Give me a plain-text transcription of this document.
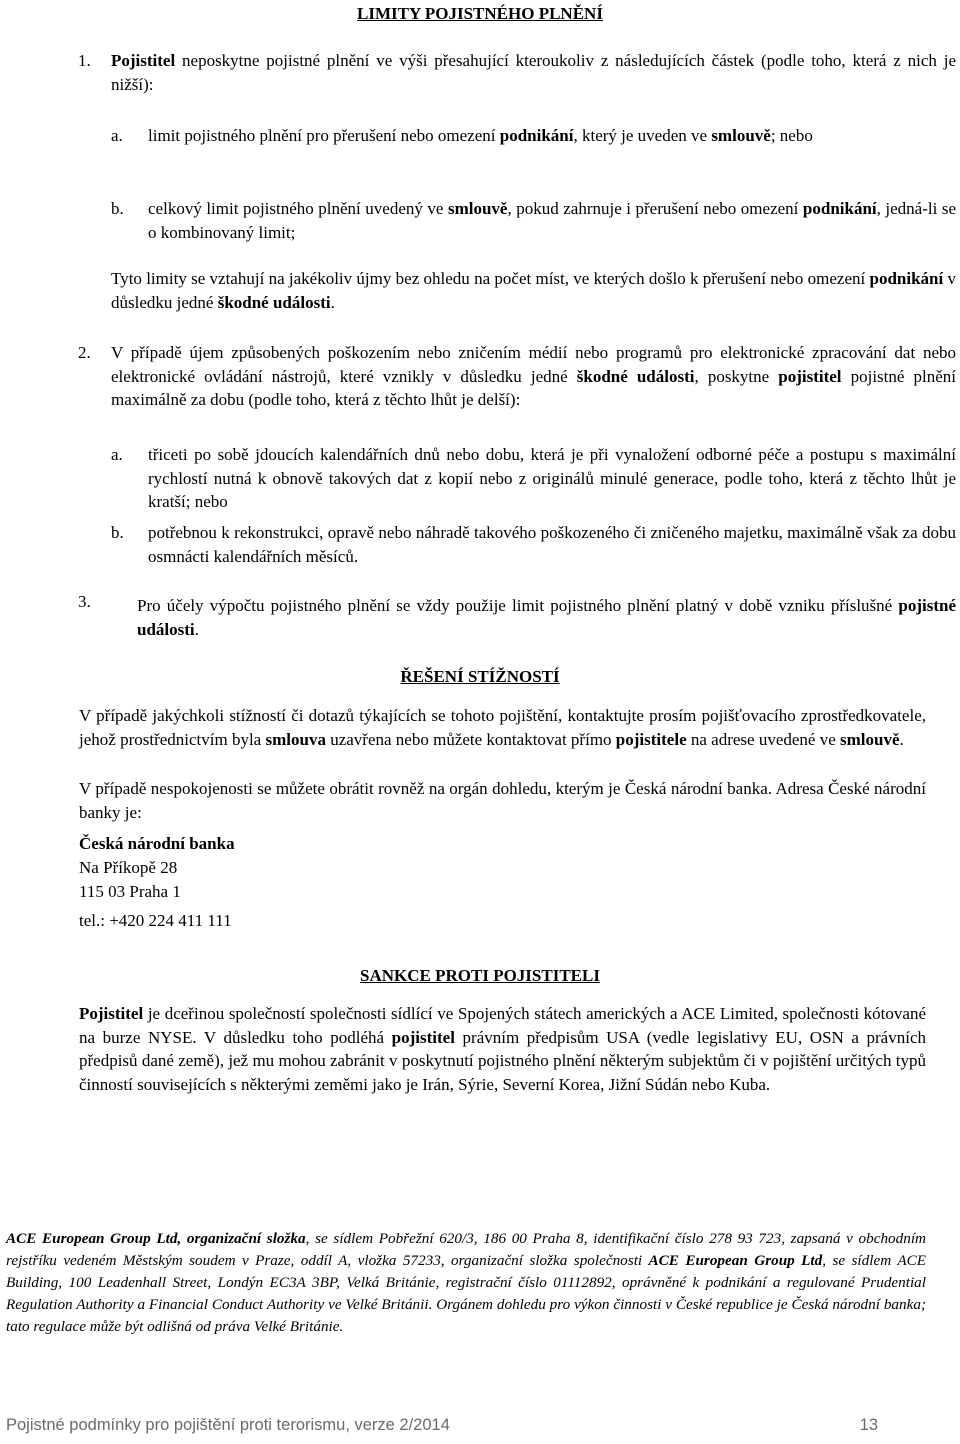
LIMITY POJISTNÉHO PLNĚNÍ
1. Pojistitel neposkytne pojistné plnění ve výši přesahující kteroukoliv z následujících částek (podle toho, která z nich je nižší):

a. limit pojistného plnění pro přerušení nebo omezení podnikání, který je uveden ve smlouvě; nebo

b. celkový limit pojistného plnění uvedený ve smlouvě, pokud zahrnuje i přerušení nebo omezení podnikání, jedná-li se o kombinovaný limit;

Tyto limity se vztahují na jakékoliv újmy bez ohledu na počet míst, ve kterých došlo k přerušení nebo omezení podnikání v důsledku jedné škodné události.

2. V případě újem způsobených poškozením nebo zničením médií nebo programů pro elektronické zpracování dat nebo elektronické ovládání nástrojů, které vznikly v důsledku jedné škodné události, poskytne pojistitel pojistné plnění maximálně za dobu (podle toho, která z těchto lhůt je delší):

a. třiceti po sobě jdoucích kalendářních dnů nebo dobu, která je při vynaložení odborné péče a postupu s maximální rychlostí nutná k obnově takových dat z kopií nebo z originálů minulé generace, podle toho, která z těchto lhůt je kratší; nebo

b. potřebnou k rekonstrukci, opravě nebo náhradě takového poškozeného či zničeného majetku, maximálně však za dobu osmnácti kalendářních měsíců.

3.	Pro účely výpočtu pojistného plnění se vždy použije limit pojistného plnění platný v době vzniku příslušné pojistné události.

ŘEŠENÍ STÍŽNOSTÍ

V případě jakýchkoli stížností či dotazů týkajících se tohoto pojištění, kontaktujte prosím pojišťovacího zprostředkovatele, jehož prostřednictvím byla smlouva uzavřena nebo můžete kontaktovat přímo pojistitele na adrese uvedené ve smlouvě.

V případě nespokojenosti se můžete obrátit rovněž na orgán dohledu, kterým je Česká národní banka. Adresa České národní banky je:

Česká národní banka
Na Příkopě 28
115 03 Praha 1
tel.: +420 224 411 111
SANKCE PROTI POJISTITELI

Pojistitel je dceřinou společností společnosti sídlící ve Spojených státech amerických a ACE Limited, společnosti kótované na burze NYSE. V důsledku toho podléhá pojistitel právním předpisům USA (vedle legislativy EU, OSN a právních předpisů dané země), jež mu mohou zabránit v poskytnutí pojistného plnění některým subjektům či v pojištění určitých typů činností souvisejících s některými zeměmi jako je Irán, Sýrie, Severní Korea, Jižní Súdán nebo Kuba.

ACE European Group Ltd, organizační složka, se sídlem Pobřežní 620/3, 186 00 Praha 8, identifikační číslo 278 93 723, zapsaná v obchodním rejstříku vedeném Městským soudem v Praze, oddíl A, vložka 57233, organizační složka společnosti ACE European Group Ltd, se sídlem ACE Building, 100 Leadenhall Street, Londýn EC3A 3BP, Velká Británie, registrační číslo 01112892, oprávněné k podnikání a regulované Prudential Regulation Authority a Financial Conduct Authority ve Velké Británii. Orgánem dohledu pro výkon činnosti v České republice je Česká národní banka; tato regulace může být odlišná od práva Velké Británie.

Pojistné podmínky pro pojištění proti terorismu, verze 2/2014	13
